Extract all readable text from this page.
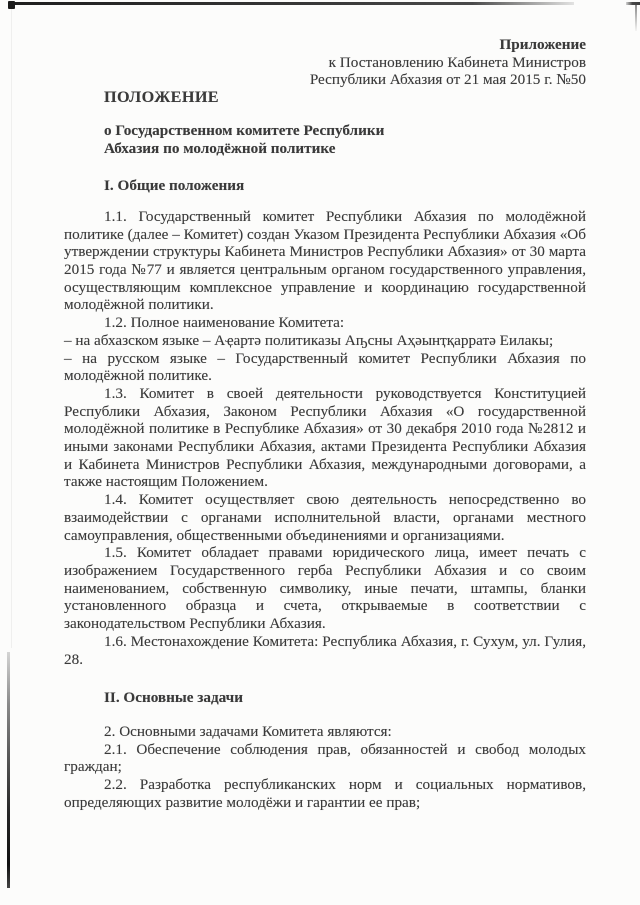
Приложение

к Постановлению Кабинета Министров

Республики Абхазия от 21 мая 2015 г. №50

ПОЛОЖЕНИЕ

о Государственном комитете Республики

Абхазия по молодёжной политике

I. Общие положения

1.1. Государственный комитет Республики Абхазия по молодёжной политике (далее – Комитет) создан Указом Президента Республики Абхазия «Об утверждении структуры Кабинета Министров Республики Абхазия» от 30 марта 2015 года №77 и является центральным органом государственного управления, осуществляющим комплексное управление и координацию государственной молодёжной политики.

1.2. Полное наименование Комитета:

– на абхазском языке – Аҿартә политиказы Аҧсны Аҳәынҭқарратә Еилакы;

– на русском языке – Государственный комитет Республики Абхазия по молодёжной политике.

1.3. Комитет в своей деятельности руководствуется Конституцией Республики Абхазия, Законом Республики Абхазия «О государственной молодёжной политике в Республике Абхазия» от 30 декабря 2010 года №2812 и иными законами Республики Абхазия, актами Президента Республики Абхазия и Кабинета Министров Республики Абхазия, международными договорами, а также настоящим Положением.

1.4. Комитет осуществляет свою деятельность непосредственно во взаимодействии с органами исполнительной власти, органами местного самоуправления, общественными объединениями и организациями.

1.5. Комитет обладает правами юридического лица, имеет печать с изображением Государственного герба Республики Абхазия и со своим наименованием, собственную символику, иные печати, штампы, бланки установленного образца и счета, открываемые в соответствии с законодательством Республики Абхазия.

1.6. Местонахождение Комитета: Республика Абхазия, г. Сухум, ул. Гулия, 28.

II. Основные задачи

2. Основными задачами Комитета являются:

2.1. Обеспечение соблюдения прав, обязанностей и свобод молодых граждан;

2.2. Разработка республиканских норм и социальных нормативов, определяющих развитие молодёжи и гарантии ее прав;
